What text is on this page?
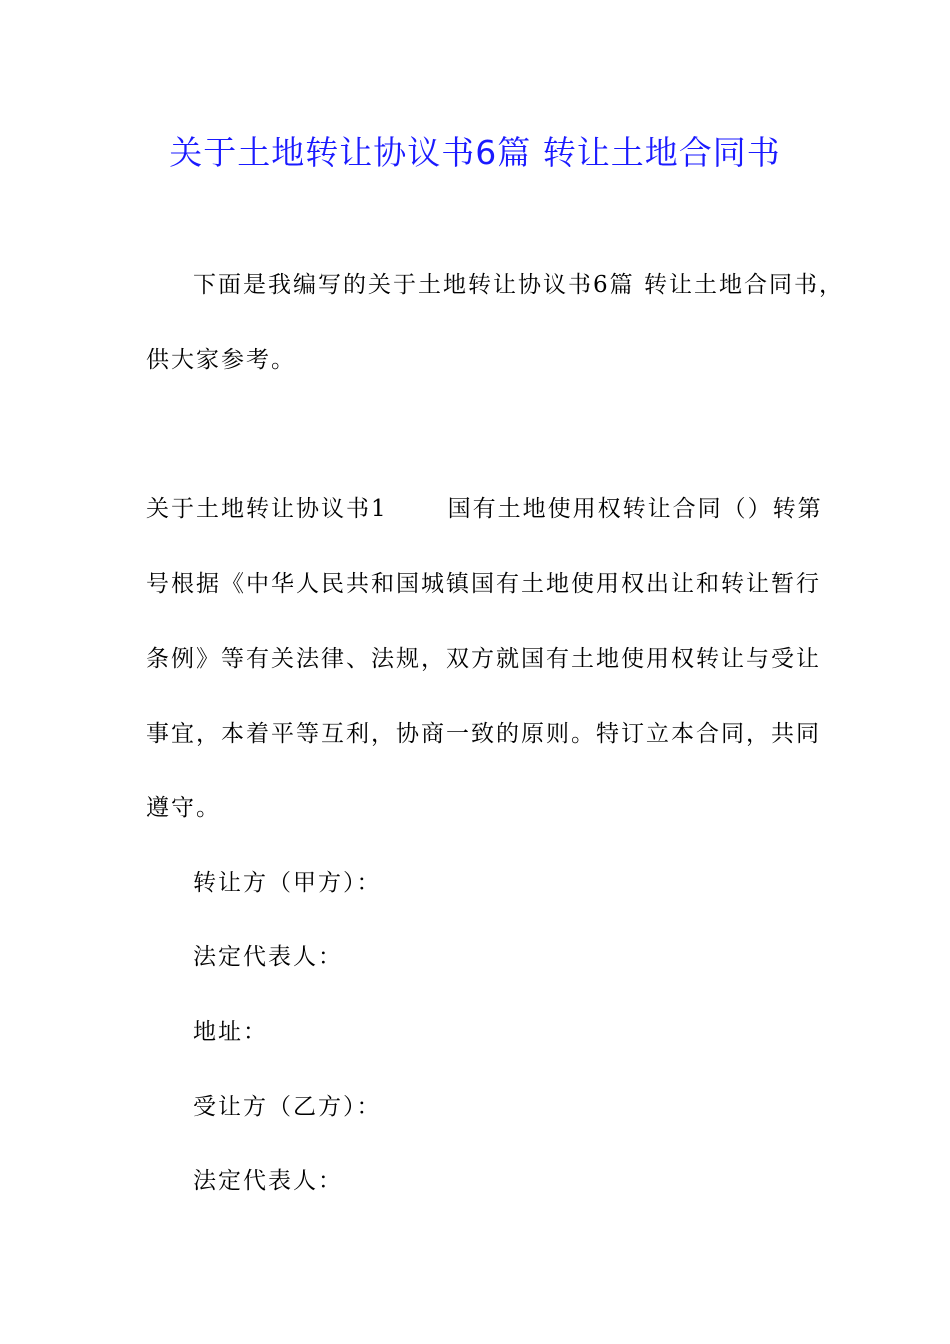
关于土地转让协议书6篇 转让土地合同书
下面是我编写的关于土地转让协议书6篇 转让土地合同书，
供大家参考。
关于土地转让协议书1	国有土地使用权转让合同（）转第
号根据《中华人民共和国城镇国有土地使用权出让和转让暂行
条例》等有关法律、法规，双方就国有土地使用权转让与受让
事宜，本着平等互利，协商一致的原则。特订立本合同，共同
遵守。
转让方（甲方）：
法定代表人：
地址：
受让方（乙方）：
法定代表人：
